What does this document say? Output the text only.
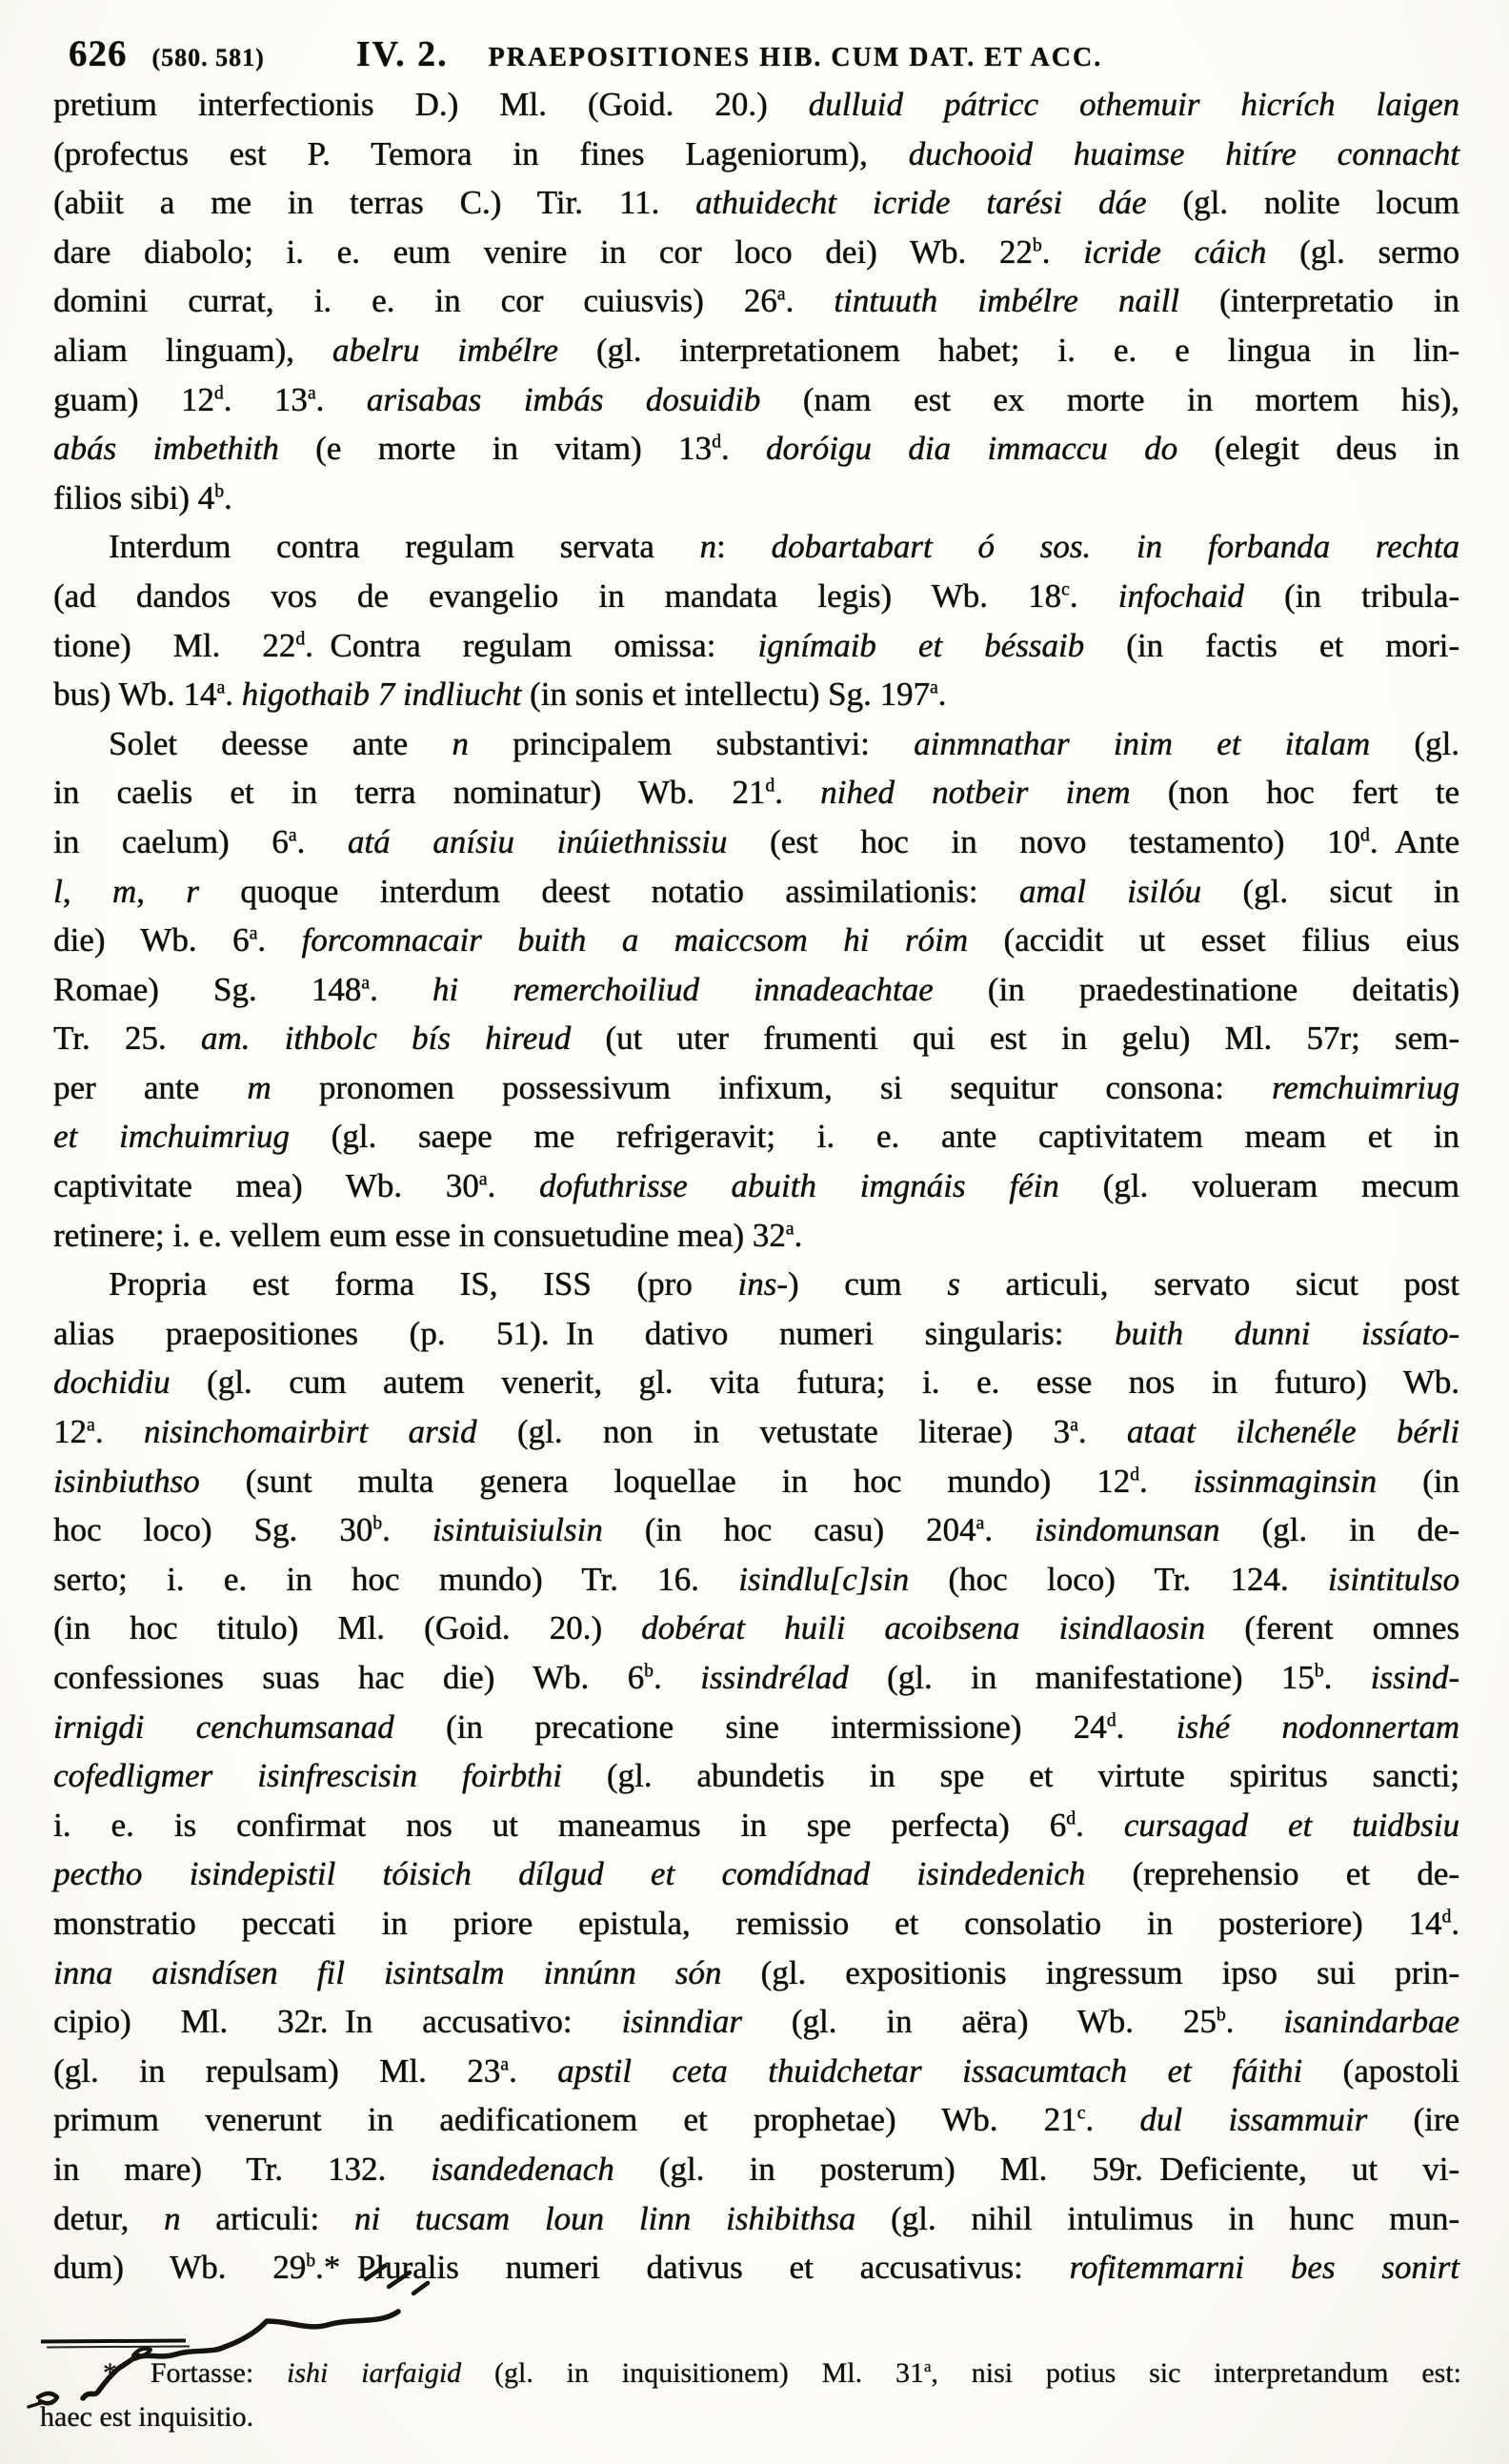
626 (580. 581)	IV. 2. PRAEPOSITIONES HIB. CUM DAT. ET ACC.
pretium interfectionis D.) Ml. (Goid. 20.) dulluid pátricc othemuir hicrích laigen
(profectus est P. Temora in fines Lageniorum), duchooid huaimse hitíre connacht
(abiit a me in terras C.) Tir. 11. athuidecht icride tarési dáe (gl. nolite locum
dare diabolo; i. e. eum venire in cor loco dei) Wb. 22$^b$. icride cáich (gl. sermo
domini currat, i. e. in cor cuiusvis) 26$^a$. tintuuth imbélre naill (interpretatio in
aliam linguam), abelru imbélre (gl. interpretationem habet; i. e. e lingua in lin-
guam) 12$^d$. 13$^a$. arisabas imbás dosuidib (nam est ex morte in mortem his),
abás imbethith (e morte in vitam) 13$^d$. doróigu dia immaccu do (elegit deus in
filios sibi) 4$^b$.
Interdum contra regulam servata n: dobartabart ó sos. in forbanda rechta
(ad dandos vos de evangelio in mandata legis) Wb. 18$^c$. infochaid (in tribula-
tione) Ml. 22$^d$. Contra regulam omissa: ignímaib et béssaib (in factis et mori-
bus) Wb. 14$^a$. higothaib 7 indliucht (in sonis et intellectu) Sg. 197$^a$.
Solet deesse ante n principalem substantivi: ainmnathar inim et italam (gl.
in caelis et in terra nominatur) Wb. 21$^d$. nihed notbeir inem (non hoc fert te
in caelum) 6$^a$. atá anísiu inúiethnissiu (est hoc in novo testamento) 10$^d$. Ante
l, m, r quoque interdum deest notatio assimilationis: amal isilóu (gl. sicut in
die) Wb. 6$^a$. forcomnacair buith a maiccsom hi róim (accidit ut esset filius eius
Romae) Sg. 148$^a$. hi remerchoiliud innadeachtae (in praedestinatione deitatis)
Tr. 25. am. ithbolc bís hireud (ut uter frumenti qui est in gelu) Ml. 57r; sem-
per ante m pronomen possessivum infixum, si sequitur consona: remchuimriug
et imchuimriug (gl. saepe me refrigeravit; i. e. ante captivitatem meam et in
captivitate mea) Wb. 30$^a$. dofuthrisse abuith imgnáis féin (gl. volueram mecum
retinere; i. e. vellem eum esse in consuetudine mea) 32$^a$.
Propria est forma IS, ISS (pro ins-) cum s articuli, servato sicut post
alias praepositiones (p. 51). In dativo numeri singularis: buith dunni issíato-
dochidiu (gl. cum autem venerit, gl. vita futura; i. e. esse nos in futuro) Wb.
12$^a$. nisinchomairbirt arsid (gl. non in vetustate literae) 3$^a$. ataat ilchenéle bérli
isinbiuthso (sunt multa genera loquellae in hoc mundo) 12$^d$. issinmaginsin (in
hoc loco) Sg. 30$^b$. isintuisiulsin (in hoc casu) 204$^a$. isindomunsan (gl. in de-
serto; i. e. in hoc mundo) Tr. 16. isindlu[c]sin (hoc loco) Tr. 124. isintitulso
(in hoc titulo) Ml. (Goid. 20.) dobérat huili acoibsena isindlaosin (ferent omnes
confessiones suas hac die) Wb. 6$^b$. issindrélad (gl. in manifestatione) 15$^b$. issind-
irnigdi cenchumsanad (in precatione sine intermissione) 24$^d$. ishé nodonnertam
cofedligmer isinfrescisin foirbthi (gl. abundetis in spe et virtute spiritus sancti;
i. e. is confirmat nos ut maneamus in spe perfecta) 6$^d$. cursagad et tuidbsiu
pectho isindepistil tóisich dílgud et comdídnad isindedenich (reprehensio et de-
monstratio peccati in priore epistula, remissio et consolatio in posteriore) 14$^d$.
inna aisndísen fil isintsalm innúnn són (gl. expositionis ingressum ipso sui prin-
cipio) Ml. 32r. In accusativo: isinndiar (gl. in aëra) Wb. 25$^b$. isanindarbae
(gl. in repulsam) Ml. 23$^a$. apstil ceta thuidchetar issacumtach et fáithi (apostoli
primum venerunt in aedificationem et prophetae) Wb. 21$^c$. dul issammuir (ire
in mare) Tr. 132. isandedenach (gl. in posterum) Ml. 59r. Deficiente, ut vi-
detur, n articuli: ni tucsam loun linn ishibithsa (gl. nihil intulimus in hunc mun-
dum) Wb. 29$^b$.* Pluralis numeri dativus et accusativus: rofitemmarni bes sonirt
* Fortasse: ishi iarfaigid (gl. in inquisitionem) Ml. 31$^a$, nisi potius sic interpretandum est:
haec est inquisitio.
